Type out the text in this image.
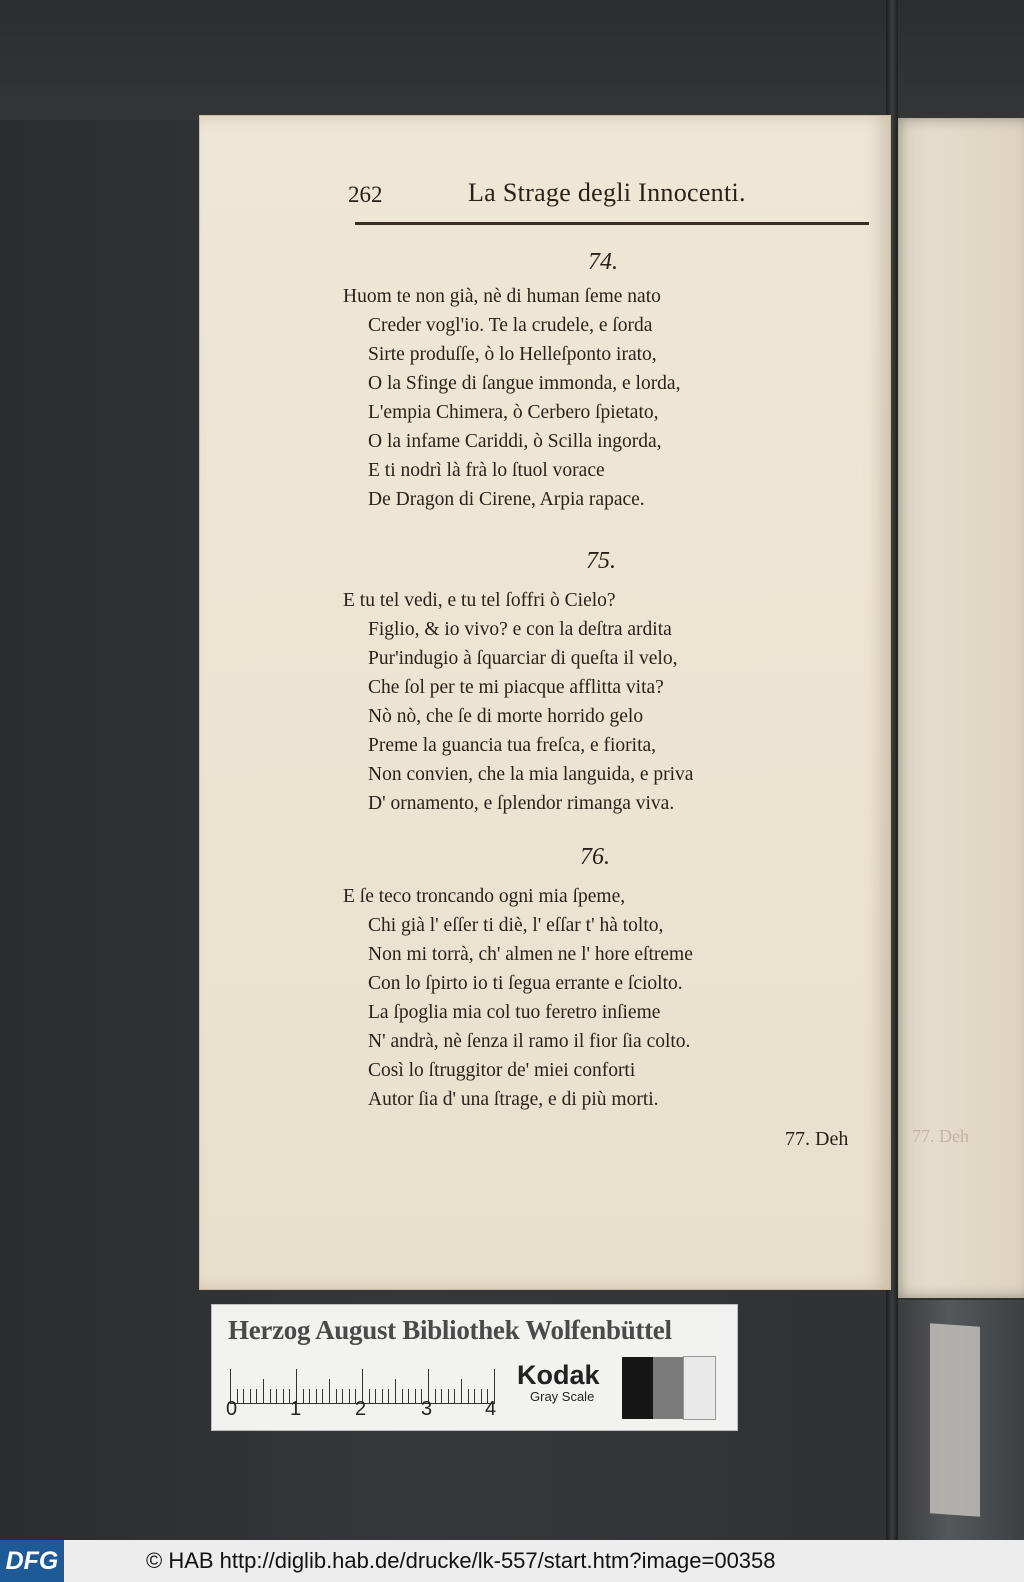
77. Deh
262	La Strage degli Innocenti.
74.
Huom te non già, nè di human ſeme nato
Creder vogl'io. Te la crudele, e ſorda
Sirte produſſe, ò lo Helleſponto irato,
O la Sfinge di ſangue immonda, e lorda,
L'empia Chimera, ò Cerbero ſpietato,
O la infame Cariddi, ò Scilla ingorda,
E ti nodrì là frà lo ſtuol vorace
De Dragon di Cirene, Arpia rapace.
75.
E tu tel vedi, e tu tel ſoffri ò Cielo?
Figlio, & io vivo? e con la deſtra ardita
Pur'indugio à ſquarciar di queſta il velo,
Che ſol per te mi piacque afflitta vita?
Nò nò, che ſe di morte horrido gelo
Preme la guancia tua freſca, e fiorita,
Non convien, che la mia languida, e priva
D' ornamento, e ſplendor rimanga viva.
76.
E ſe teco troncando ogni mia ſpeme,
Chi già l' eſſer ti diè, l' eſſar t' hà tolto,
Non mi torrà, ch' almen ne l' hore eſtreme
Con lo ſpirto io ti ſegua errante e ſciolto.
La ſpoglia mia col tuo feretro inſieme
N' andrà, nè ſenza il ramo il fior ſia colto.
Così lo ſtruggitor de' miei conforti
Autor ſia d' una ſtrage, e di più morti.
77. Deh
Herzog August Bibliothek Wolfenbüttel
Kodak
Gray Scale
0	1	2	3	4
DFG	© HAB http://diglib.hab.de/drucke/lk-557/start.htm?image=00358
